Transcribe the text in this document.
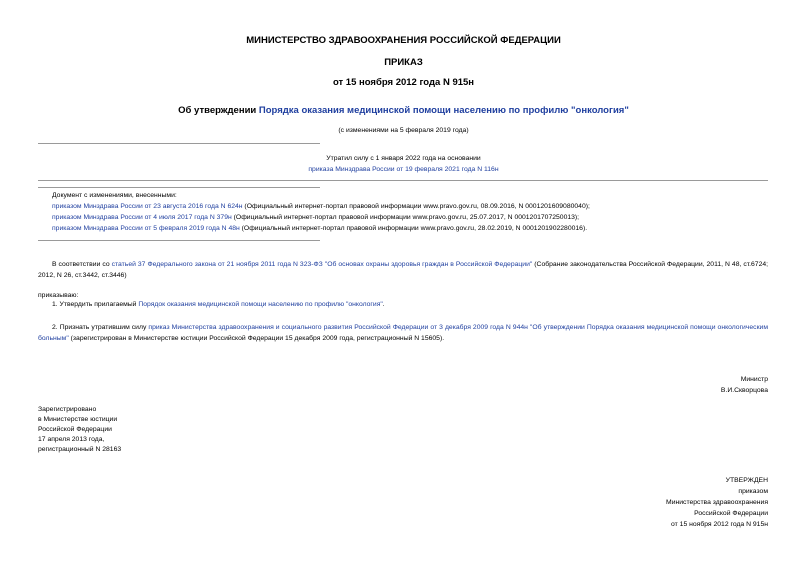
МИНИСТЕРСТВО ЗДРАВООХРАНЕНИЯ РОССИЙСКОЙ ФЕДЕРАЦИИ
ПРИКАЗ
от 15 ноября 2012 года N 915н
Об утверждении Порядка оказания медицинской помощи населению по профилю "онкология"
(с изменениями на 5 февраля 2019 года)
Утратил силу с 1 января 2022 года на основании
приказа Минздрава России от 19 февраля 2021 года N 116н
Документ с изменениями, внесенными:
приказом Минздрава России от 23 августа 2016 года N 624н (Официальный интернет-портал правовой информации www.pravo.gov.ru, 08.09.2016, N 0001201609080040);
приказом Минздрава России от 4 июля 2017 года N 379н (Официальный интернет-портал правовой информации www.pravo.gov.ru, 25.07.2017, N 0001201707250013);
приказом Минздрава России от 5 февраля 2019 года N 48н (Официальный интернет-портал правовой информации www.pravo.gov.ru, 28.02.2019, N 0001201902280016).
В соответствии со статьей 37 Федерального закона от 21 ноября 2011 года N 323-ФЗ "Об основах охраны здоровья граждан в Российской Федерации" (Собрание законодательства Российской Федерации, 2011, N 48, ст.6724; 2012, N 26, ст.3442, ст.3446)
приказываю:
1. Утвердить прилагаемый Порядок оказания медицинской помощи населению по профилю "онкология".
2. Признать утратившим силу приказ Министерства здравоохранения и социального развития Российской Федерации от 3 декабря 2009 года N 944н "Об утверждении Порядка оказания медицинской помощи онкологическим больным" (зарегистрирован в Министерстве юстиции Российской Федерации 15 декабря 2009 года, регистрационный N 15605).
Министр
В.И.Скворцова
Зарегистрировано
в Министерстве юстиции
Российской Федерации
17 апреля 2013 года,
регистрационный N 28163
УТВЕРЖДЕН
приказом
Министерства здравоохранения
Российской Федерации
от 15 ноября 2012 года N 915н
